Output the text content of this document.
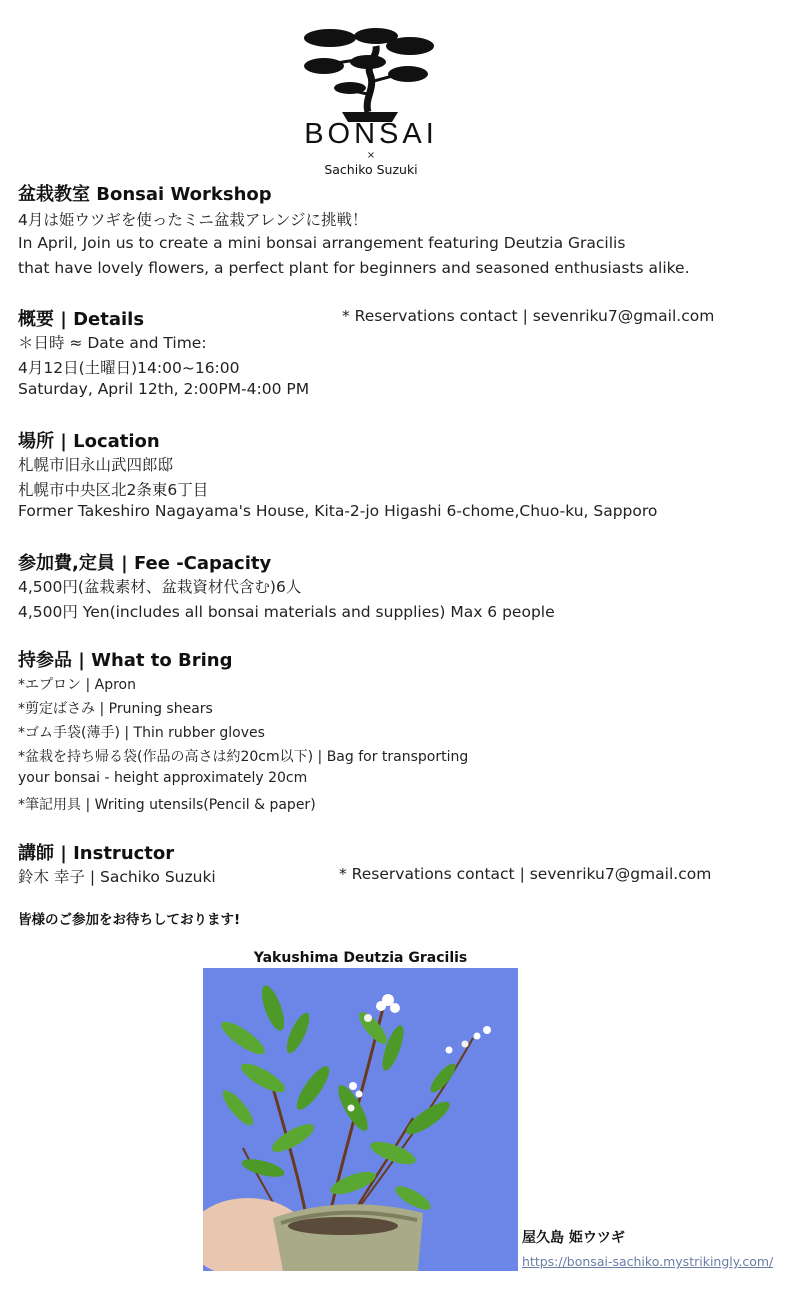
BONSAI
×
Sachiko Suzuki
盆栽教室 Bonsai Workshop
4月は姫ウツギを使ったミニ盆栽アレンジに挑戦！
In April, Join us to create a mini bonsai arrangement featuring Deutzia Gracilis
that have lovely flowers, a perfect plant for beginners and seasoned enthusiasts alike.
概要 | Details	* Reservations contact | sevenriku7@gmail.com
＊日時 ≈ Date and Time:
4月12日(土曜日)14:00~16:00
Saturday, April 12th, 2:00PM-4:00 PM
場所 | Location
札幌市旧永山武四郎邸
札幌市中央区北2条東6丁目
Former Takeshiro Nagayama's House, Kita-2-jo Higashi 6-chome,Chuo-ku, Sapporo
参加費,定員 | Fee -Capacity
4,500円(盆栽素材、盆栽資材代含む)6人
4,500円 Yen(includes all bonsai materials and supplies) Max 6 people
持参品 | What to Bring
*エプロン | Apron
*剪定ばさみ | Pruning shears
*ゴム手袋(薄手) | Thin rubber gloves
*盆栽を持ち帰る袋(作品の高さは約20cm以下) | Bag for transporting
your bonsai - height approximately 20cm
*筆記用具 | Writing utensils(Pencil & paper)
講師 | Instructor
鈴木 幸子 | Sachiko Suzuki	* Reservations contact | sevenriku7@gmail.com
皆様のご参加をお待ちしております!
Yakushima Deutzia Gracilis
屋久島 姫ウツギ
https://bonsai-sachiko.mystrikingly.com/
